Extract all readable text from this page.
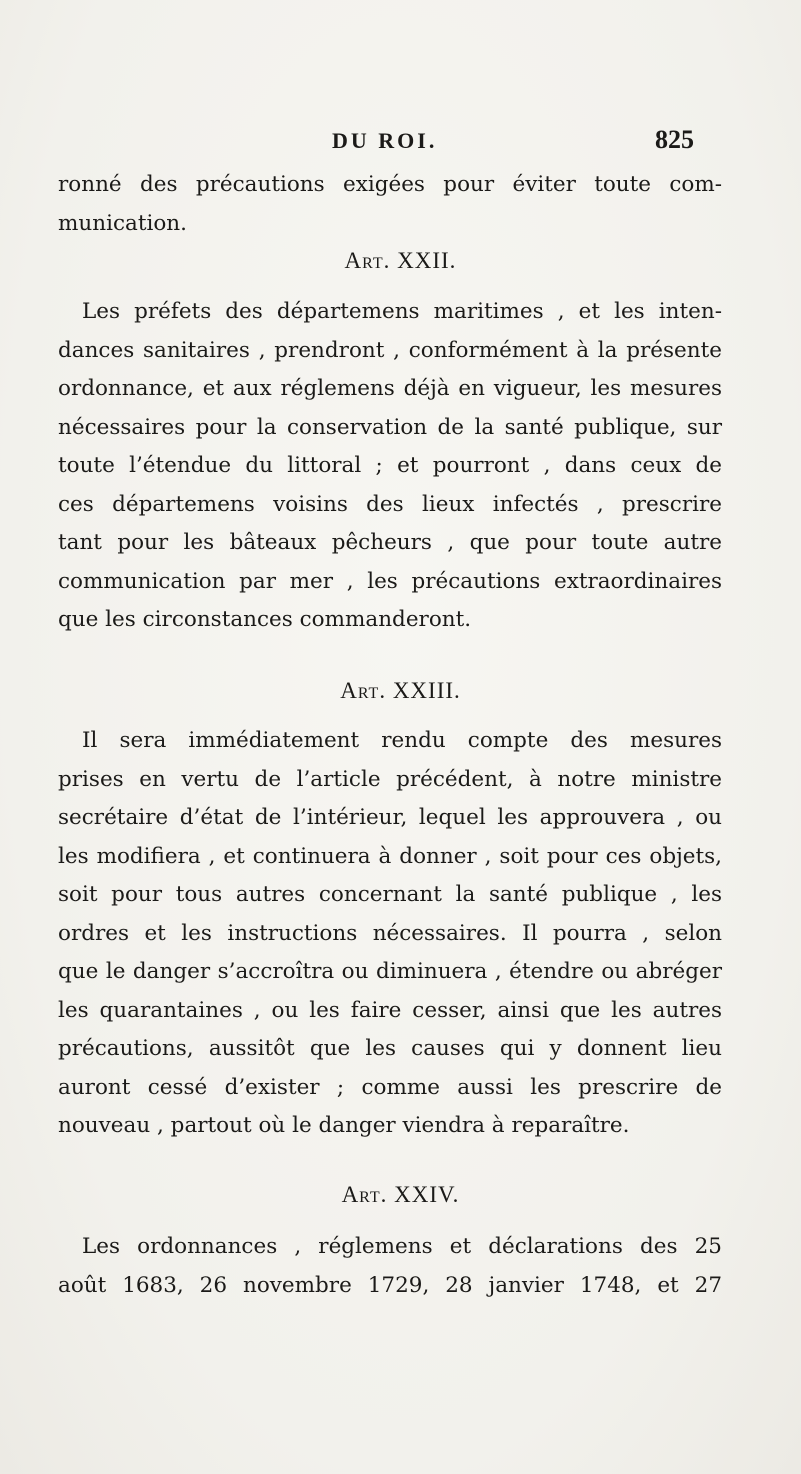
DU ROI.	825
ronné des précautions exigées pour éviter toute com-
munication.
Art. XXII.
Les préfets des départemens maritimes , et les inten-
dances sanitaires , prendront , conformément à la présente
ordonnance, et aux réglemens déjà en vigueur, les mesures
nécessaires pour la conservation de la santé publique, sur
toute l’étendue du littoral ; et pourront , dans ceux de
ces départemens voisins des lieux infectés , prescrire
tant pour les bâteaux pêcheurs , que pour toute autre
communication par mer , les précautions extraordinaires
que les circonstances commanderont.
Art. XXIII.
Il sera immédiatement rendu compte des mesures
prises en vertu de l’article précédent, à notre ministre
secrétaire d’état de l’intérieur, lequel les approuvera , ou
les modifiera , et continuera à donner , soit pour ces objets,
soit pour tous autres concernant la santé publique , les
ordres et les instructions nécessaires. Il pourra , selon
que le danger s’accroîtra ou diminuera , étendre ou abréger
les quarantaines , ou les faire cesser, ainsi que les autres
précautions, aussitôt que les causes qui y donnent lieu
auront cessé d’exister ; comme aussi les prescrire de
nouveau , partout où le danger viendra à reparaître.
Art. XXIV.
Les ordonnances , réglemens et déclarations des 25
août 1683, 26 novembre 1729, 28 janvier 1748, et 27
